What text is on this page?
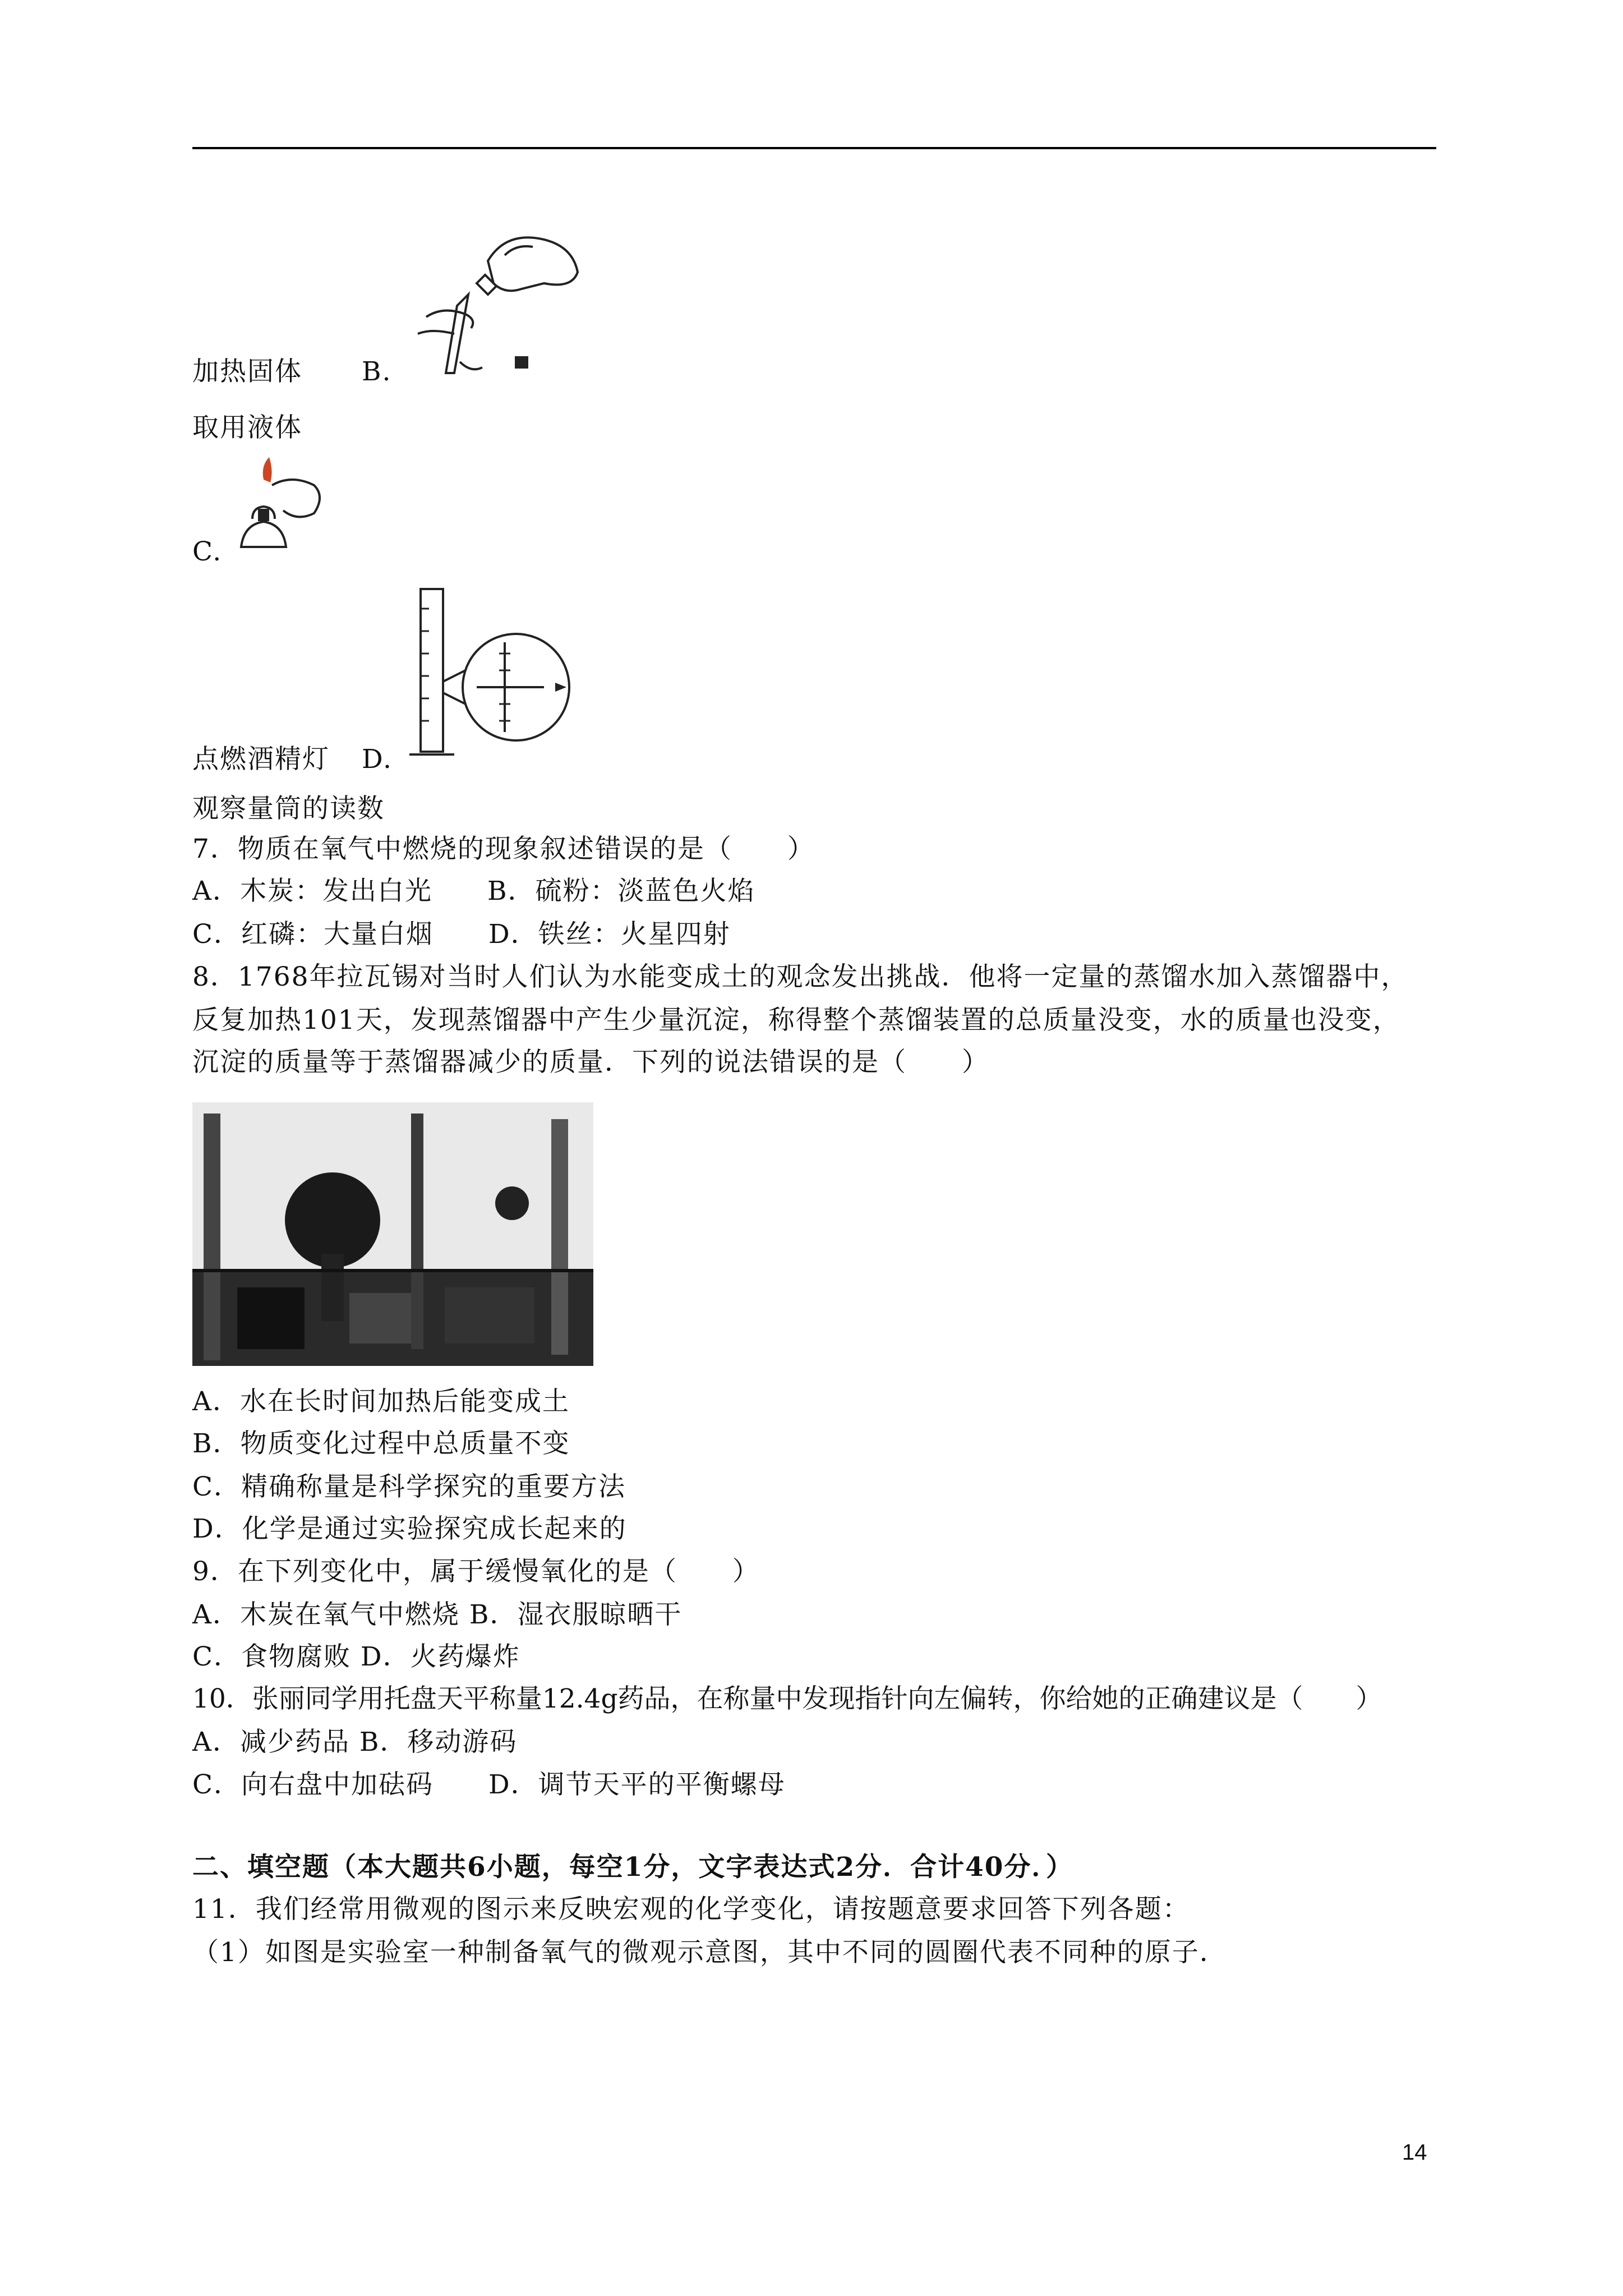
加热固体 B.
取用液体
C.
点燃酒精灯 D.
观察量筒的读数
7．物质在氧气中燃烧的现象叙述错误的是（　　）
A．木炭：发出白光　　B．硫粉：淡蓝色火焰
C．红磷：大量白烟　　D．铁丝：火星四射
8．1768年拉瓦锡对当时人们认为水能变成土的观念发出挑战．他将一定量的蒸馏水加入蒸馏器中，
反复加热101天，发现蒸馏器中产生少量沉淀，称得整个蒸馏装置的总质量没变，水的质量也没变，
沉淀的质量等于蒸馏器减少的质量．下列的说法错误的是（　　）
A．水在长时间加热后能变成土
B．物质变化过程中总质量不变
C．精确称量是科学探究的重要方法
D．化学是通过实验探究成长起来的
9．在下列变化中，属于缓慢氧化的是（　　）
A．木炭在氧气中燃烧 B．湿衣服晾晒干
C．食物腐败 D．火药爆炸
10．张丽同学用托盘天平称量12.4g药品，在称量中发现指针向左偏转，你给她的正确建议是（　　）
A．减少药品 B．移动游码
C．向右盘中加砝码　　D．调节天平的平衡螺母
二、填空题（本大题共6小题，每空1分，文字表达式2分．合计40分．）
11．我们经常用微观的图示来反映宏观的化学变化，请按题意要求回答下列各题：
（1）如图是实验室一种制备氧气的微观示意图，其中不同的圆圈代表不同种的原子．
14
